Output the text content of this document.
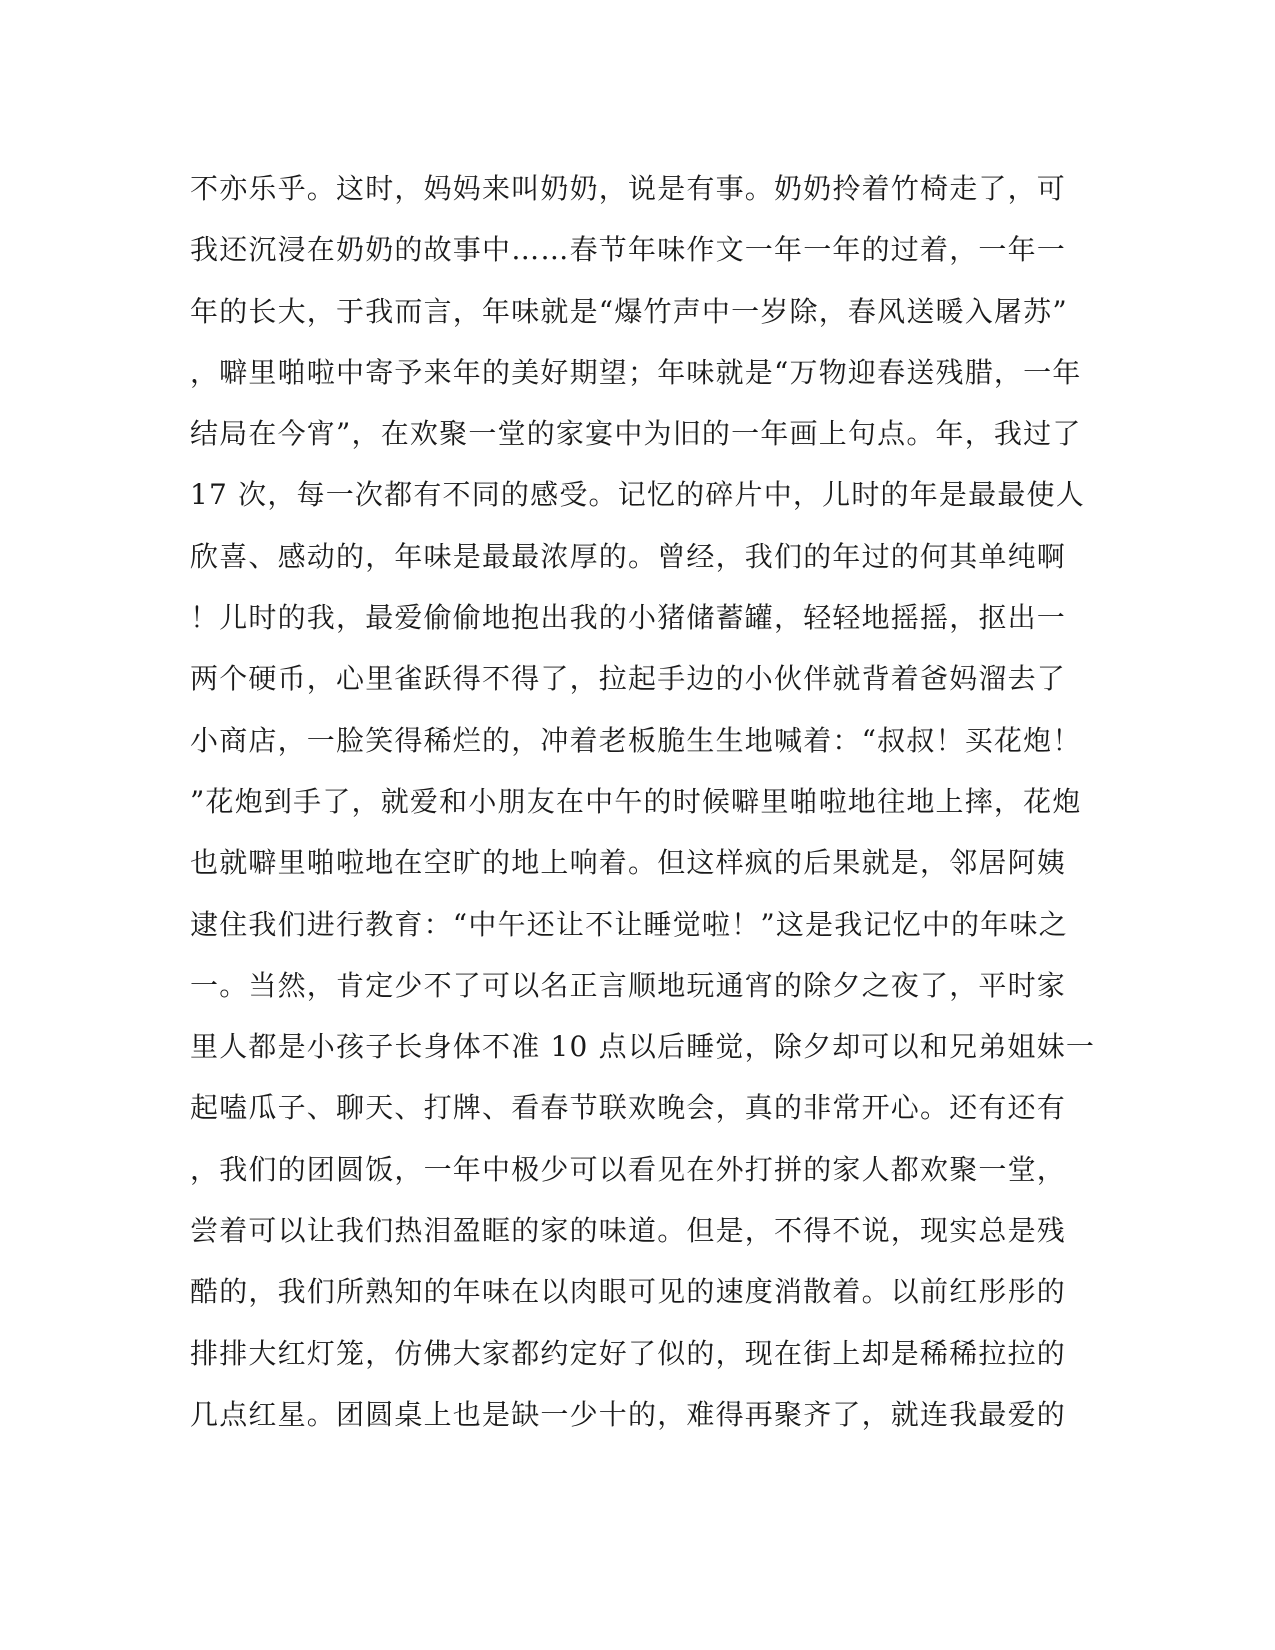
不亦乐乎。这时，妈妈来叫奶奶，说是有事。奶奶拎着竹椅走了，可
我还沉浸在奶奶的故事中……春节年味作文一年一年的过着，一年一
年的长大，于我而言，年味就是“爆竹声中一岁除，春风送暖入屠苏”
，噼里啪啦中寄予来年的美好期望；年味就是“万物迎春送残腊，一年
结局在今宵”，在欢聚一堂的家宴中为旧的一年画上句点。年，我过了
17 次，每一次都有不同的感受。记忆的碎片中，儿时的年是最最使人
欣喜、感动的，年味是最最浓厚的。曾经，我们的年过的何其单纯啊
！儿时的我，最爱偷偷地抱出我的小猪储蓄罐，轻轻地摇摇，抠出一
两个硬币，心里雀跃得不得了，拉起手边的小伙伴就背着爸妈溜去了
小商店，一脸笑得稀烂的，冲着老板脆生生地喊着：“叔叔！买花炮！
”花炮到手了，就爱和小朋友在中午的时候噼里啪啦地往地上摔，花炮
也就噼里啪啦地在空旷的地上响着。但这样疯的后果就是，邻居阿姨
逮住我们进行教育：“中午还让不让睡觉啦！”这是我记忆中的年味之
一。当然，肯定少不了可以名正言顺地玩通宵的除夕之夜了，平时家
里人都是小孩子长身体不准 10 点以后睡觉，除夕却可以和兄弟姐妹一
起嗑瓜子、聊天、打牌、看春节联欢晚会，真的非常开心。还有还有
，我们的团圆饭，一年中极少可以看见在外打拼的家人都欢聚一堂，
尝着可以让我们热泪盈眶的家的味道。但是，不得不说，现实总是残
酷的，我们所熟知的年味在以肉眼可见的速度消散着。以前红彤彤的
排排大红灯笼，仿佛大家都约定好了似的，现在街上却是稀稀拉拉的
几点红星。团圆桌上也是缺一少十的，难得再聚齐了，就连我最爱的
